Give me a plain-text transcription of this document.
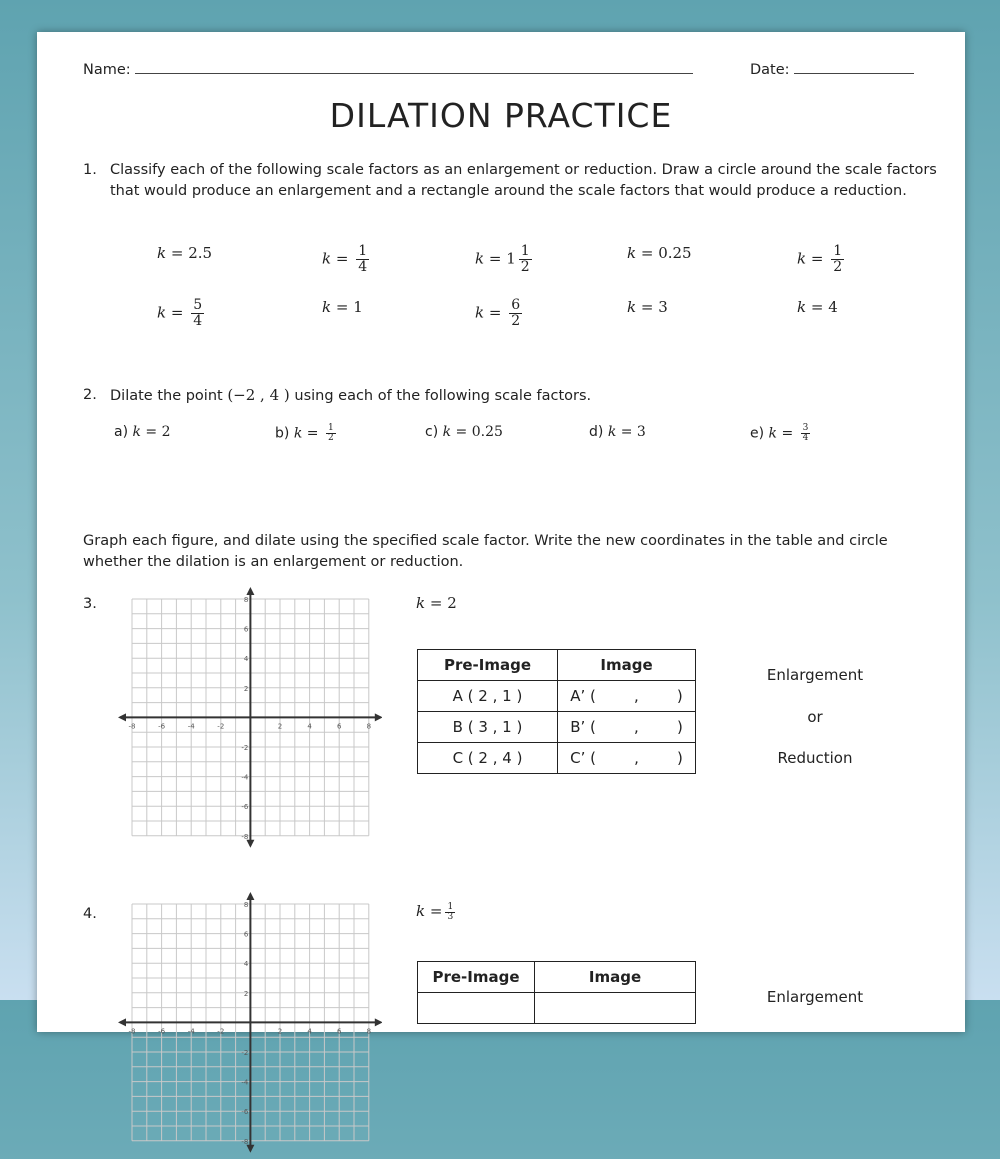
Name:	Date:
DILATION PRACTICE
1. Classify each of the following scale factors as an enlargement or reduction. Draw a circle around the scale factors that would produce an enlargement and a rectangle around the scale factors that would produce a reduction.
k = 2.5	$k = \frac{1}{4}$	$k = 1 \frac{1}{2}$	k = 0.25	$k = \frac{1}{2}$
$k = \frac{5}{4}$	k = 1	$k = \frac{6}{2}$	k = 3	k = 4
2. Dilate the point (−2 , 4 ) using each of the following scale factors.
a) k = 2	b) $k = \frac{1}{2}$	c) k = 0.25	d) k = 3	e) $k = \frac{3}{4}$
Graph each figure, and dilate using the specified scale factor. Write the new coordinates in the table and circle whether the dilation is an enlargement or reduction.
3.
-8	-6	-4	-2	2	4	6	8
8
6
4
2
-2
-4
-6
-8
k = 2
Pre-Image	Image
A ( 2 , 1 )	A’ (        ,        )
B ( 3 , 1 )	B’ (        ,        )
C ( 2 , 4 )	C’ (        ,        )
Enlargement
or
Reduction
4.
-8	-6	-4	-2	2	4	6	8
8
6
4
2
-2
-4
-6
-8
$k = \frac{1}{3}$
Pre-Image	Image

Enlargement
